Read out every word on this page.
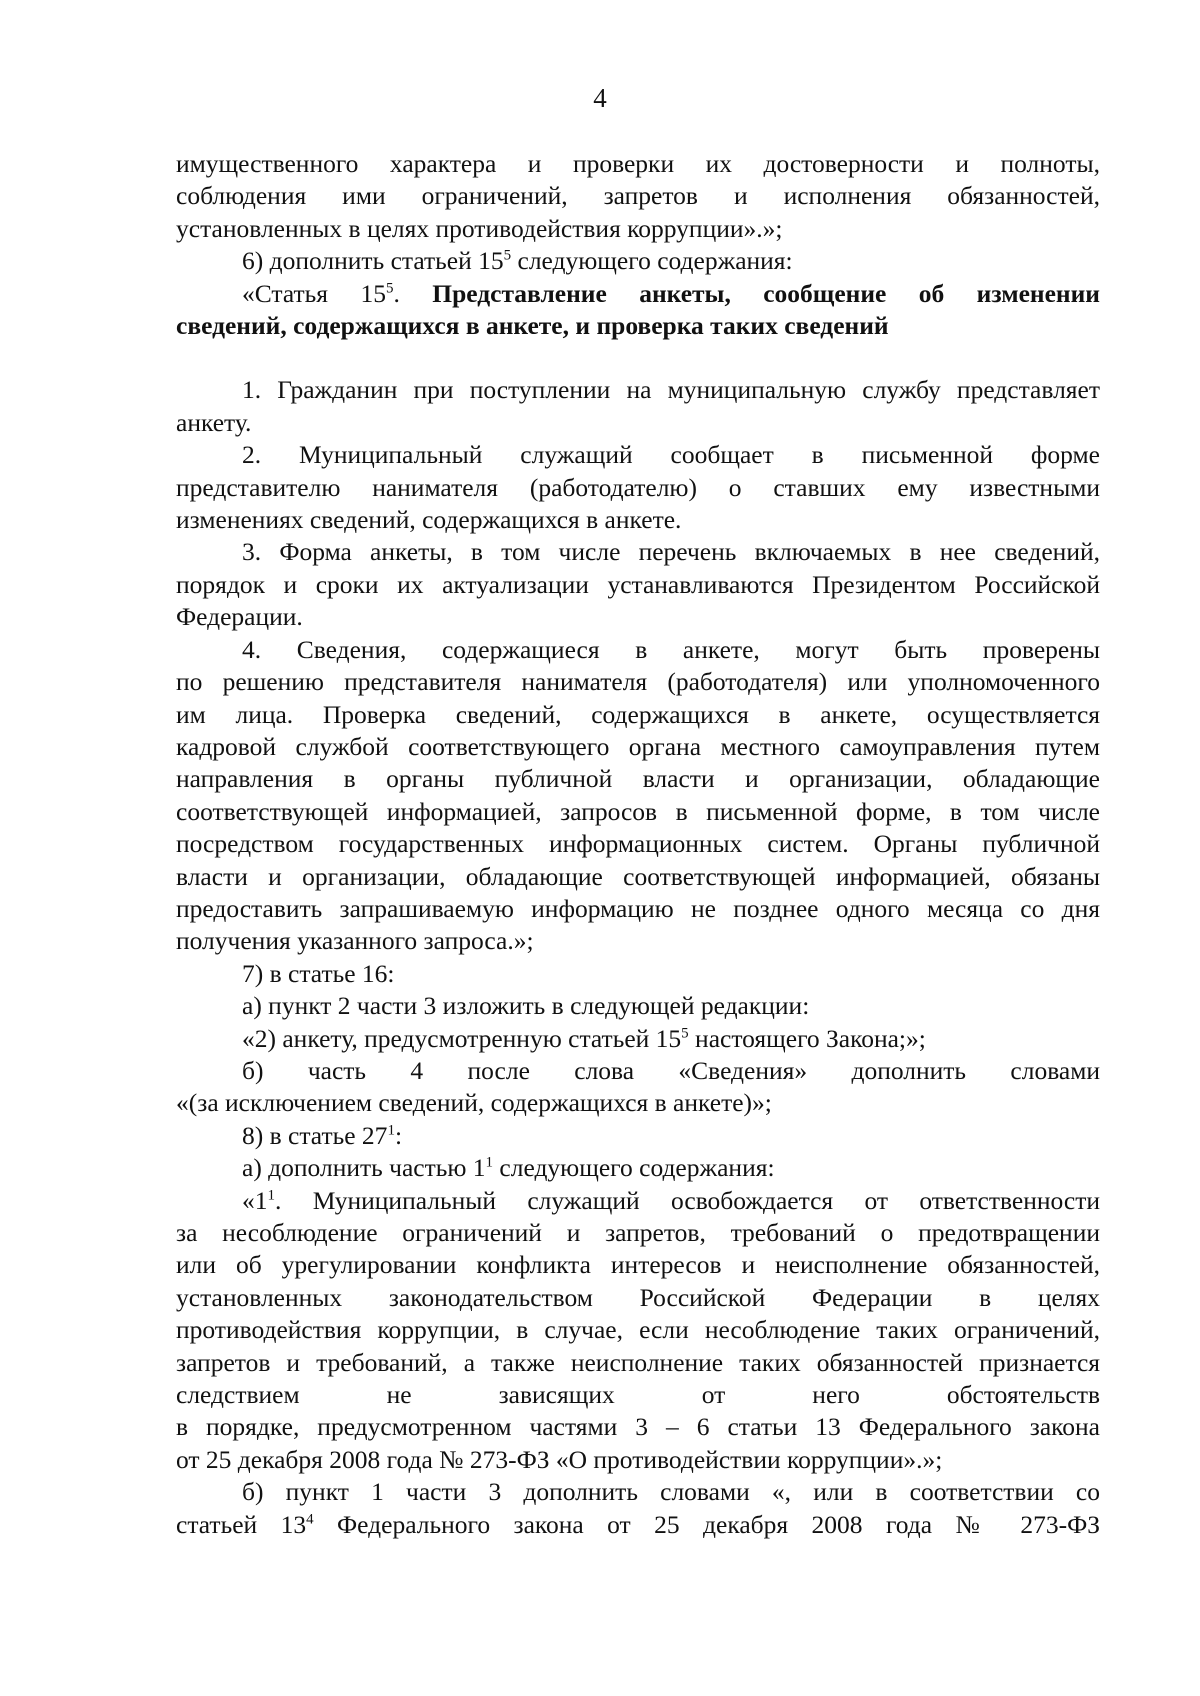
4
имущественного характера и проверки их достоверности и полноты,
соблюдения ими ограничений, запретов и исполнения обязанностей,
установленных в целях противодействия коррупции».»;
6) дополнить статьей $15^5$ следующего содержания:
«Статья $15^5$. Представление анкеты, сообщение об изменении
сведений, содержащихся в анкете, и проверка таких сведений
1. Гражданин при поступлении на муниципальную службу представляет
анкету.
2. Муниципальный служащий сообщает в письменной форме
представителю нанимателя (работодателю) о ставших ему известными
изменениях сведений, содержащихся в анкете.
3. Форма анкеты, в том числе перечень включаемых в нее сведений,
порядок и сроки их актуализации устанавливаются Президентом Российской
Федерации.
4. Сведения, содержащиеся в анкете, могут быть проверены
по решению представителя нанимателя (работодателя) или уполномоченного
им лица. Проверка сведений, содержащихся в анкете, осуществляется
кадровой службой соответствующего органа местного самоуправления путем
направления в органы публичной власти и организации, обладающие
соответствующей информацией, запросов в письменной форме, в том числе
посредством государственных информационных систем. Органы публичной
власти и организации, обладающие соответствующей информацией, обязаны
предоставить запрашиваемую информацию не позднее одного месяца со дня
получения указанного запроса.»;
7) в статье 16:
а) пункт 2 части 3 изложить в следующей редакции:
«2) анкету, предусмотренную статьей $15^5$ настоящего Закона;»;
б) часть 4 после слова «Сведения» дополнить словами
«(за исключением сведений, содержащихся в анкете)»;
8) в статье $27^1$:
а) дополнить частью $1^1$ следующего содержания:
«$1^1$. Муниципальный служащий освобождается от ответственности
за несоблюдение ограничений и запретов, требований о предотвращении
или об урегулировании конфликта интересов и неисполнение обязанностей,
установленных законодательством Российской Федерации в целях
противодействия коррупции, в случае, если несоблюдение таких ограничений,
запретов и требований, а также неисполнение таких обязанностей признается
следствием не зависящих от него обстоятельств
в порядке, предусмотренном частями 3 – 6 статьи 13 Федерального закона
от 25 декабря 2008 года № 273-ФЗ «О противодействии коррупции».»;
б) пункт 1 части 3 дополнить словами «, или в соответствии со
статьей $13^4$ Федерального закона от 25 декабря 2008 года № 273-ФЗ
